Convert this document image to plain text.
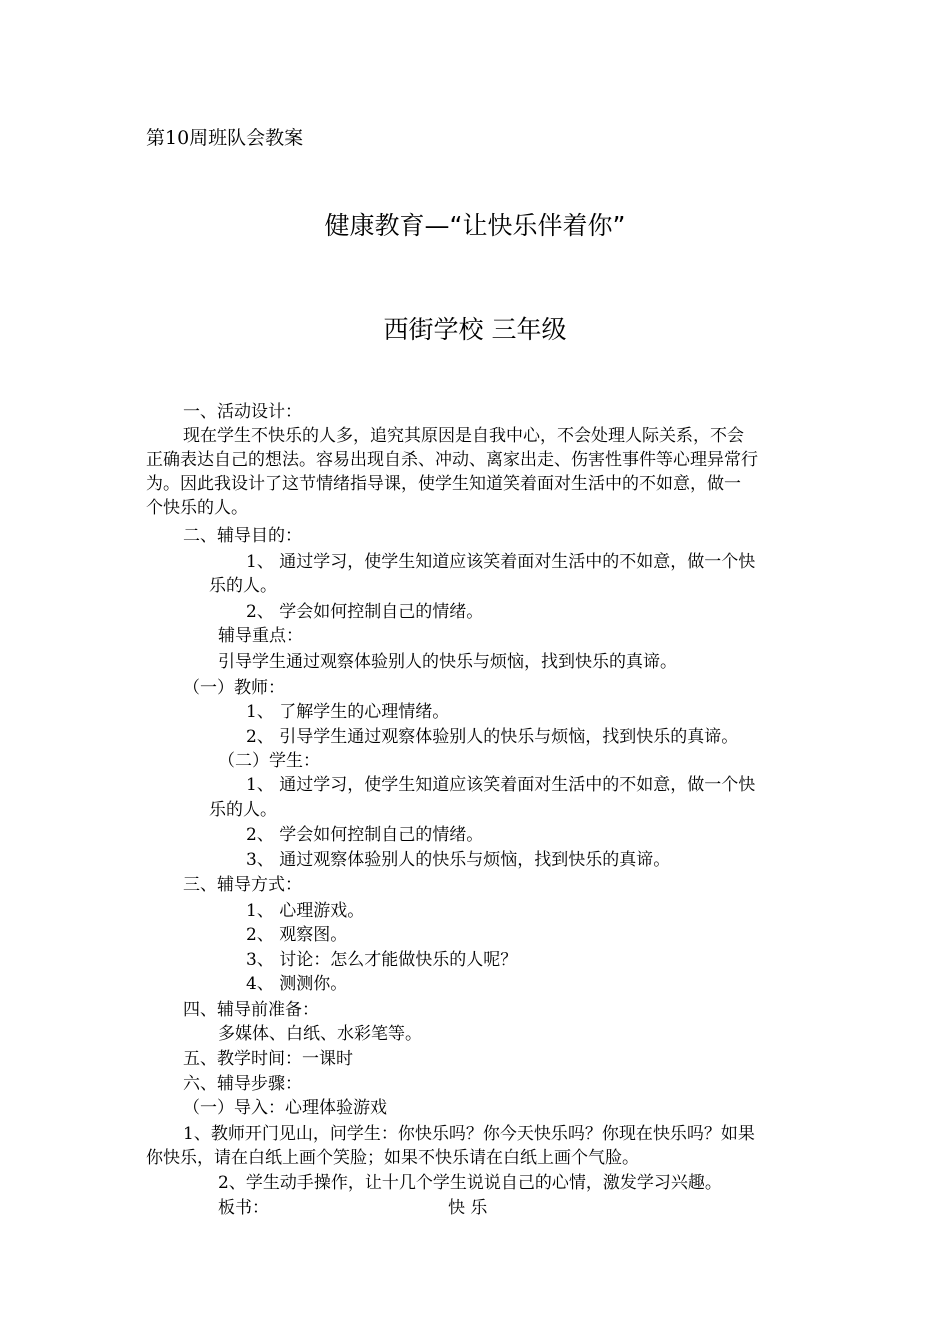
第10周班队会教案
健康教育—“让快乐伴着你”
西街学校 三年级
一、活动设计：
现在学生不快乐的人多，追究其原因是自我中心，不会处理人际关系，不会
正确表达自己的想法。容易出现自杀、冲动、离家出走、伤害性事件等心理异常行
为。因此我设计了这节情绪指导课，使学生知道笑着面对生活中的不如意，做一
个快乐的人。
二、辅导目的：
1、 通过学习，使学生知道应该笑着面对生活中的不如意，做一个快
乐的人。
2、 学会如何控制自己的情绪。
辅导重点：
引导学生通过观察体验别人的快乐与烦恼，找到快乐的真谛。
（一）教师：
1、 了解学生的心理情绪。
2、 引导学生通过观察体验别人的快乐与烦恼，找到快乐的真谛。
（二）学生：
1、 通过学习，使学生知道应该笑着面对生活中的不如意，做一个快
乐的人。
2、 学会如何控制自己的情绪。
3、 通过观察体验别人的快乐与烦恼，找到快乐的真谛。
三、辅导方式：
1、 心理游戏。
2、 观察图。
3、 讨论：怎么才能做快乐的人呢？
4、 测测你。
四、辅导前准备：
多媒体、白纸、水彩笔等。
五、教学时间：一课时
六、辅导步骤：
（一）导入：心理体验游戏
1、教师开门见山，问学生：你快乐吗？你今天快乐吗？你现在快乐吗？如果
你快乐，请在白纸上画个笑脸；如果不快乐请在白纸上画个气脸。
2、学生动手操作，让十几个学生说说自己的心情，激发学习兴趣。
板书：	快 乐
